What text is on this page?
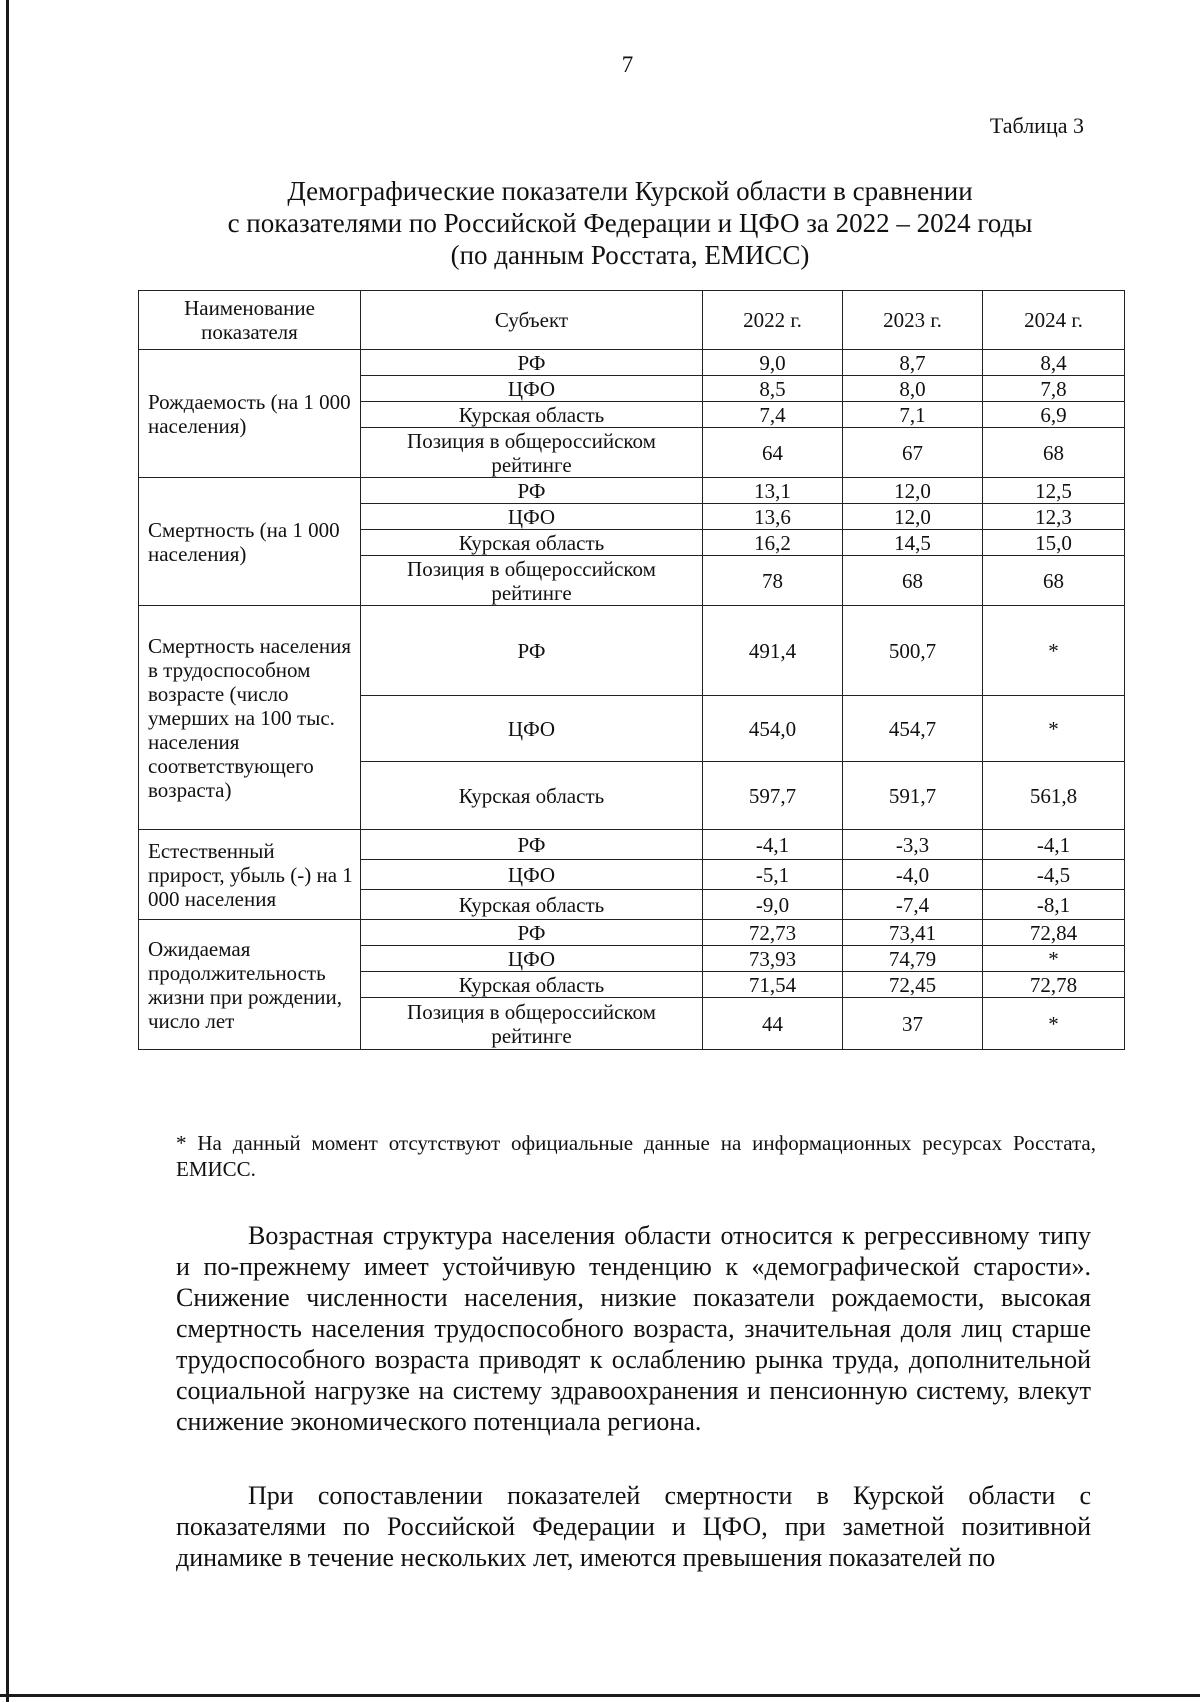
7
Таблица 3
Демографические показатели Курской области в сравнении
с показателями по Российской Федерации и ЦФО за 2022 – 2024 годы
(по данным Росстата, ЕМИСС)
Наименование показателя	Субъект	2022 г.	2023 г.	2024 г.
Рождаемость (на 1 000 населения)	РФ	9,0	8,7	8,4
	ЦФО	8,5	8,0	7,8
	Курская область	7,4	7,1	6,9
	Позиция в общероссийском рейтинге	64	67	68
Смертность (на 1 000 населения)	РФ	13,1	12,0	12,5
	ЦФО	13,6	12,0	12,3
	Курская область	16,2	14,5	15,0
	Позиция в общероссийском рейтинге	78	68	68
Смертность населения в трудоспособном возрасте (число умерших на 100 тыс. населения соответствующего возраста)	РФ	491,4	500,7	*
	ЦФО	454,0	454,7	*
	Курская область	597,7	591,7	561,8
Естественный прирост, убыль (-) на 1 000 населения	РФ	-4,1	-3,3	-4,1
	ЦФО	-5,1	-4,0	-4,5
	Курская область	-9,0	-7,4	-8,1
Ожидаемая продолжительность жизни при рождении, число лет	РФ	72,73	73,41	72,84
	ЦФО	73,93	74,79	*
	Курская область	71,54	72,45	72,78
	Позиция в общероссийском рейтинге	44	37	*
* На данный момент отсутствуют официальные данные на информационных ресурсах Росстата, ЕМИСС.
Возрастная структура населения области относится к регрессивному типу и по-прежнему имеет устойчивую тенденцию к «демографической старости». Снижение численности населения, низкие показатели рождаемости, высокая смертность населения трудоспособного возраста, значительная доля лиц старше трудоспособного возраста приводят к ослаблению рынка труда, дополнительной социальной нагрузке на систему здравоохранения и пенсионную систему, влекут снижение экономического потенциала региона.
При сопоставлении показателей смертности в Курской области с показателями по Российской Федерации и ЦФО, при заметной позитивной динамике в течение нескольких лет, имеются превышения показателей по
